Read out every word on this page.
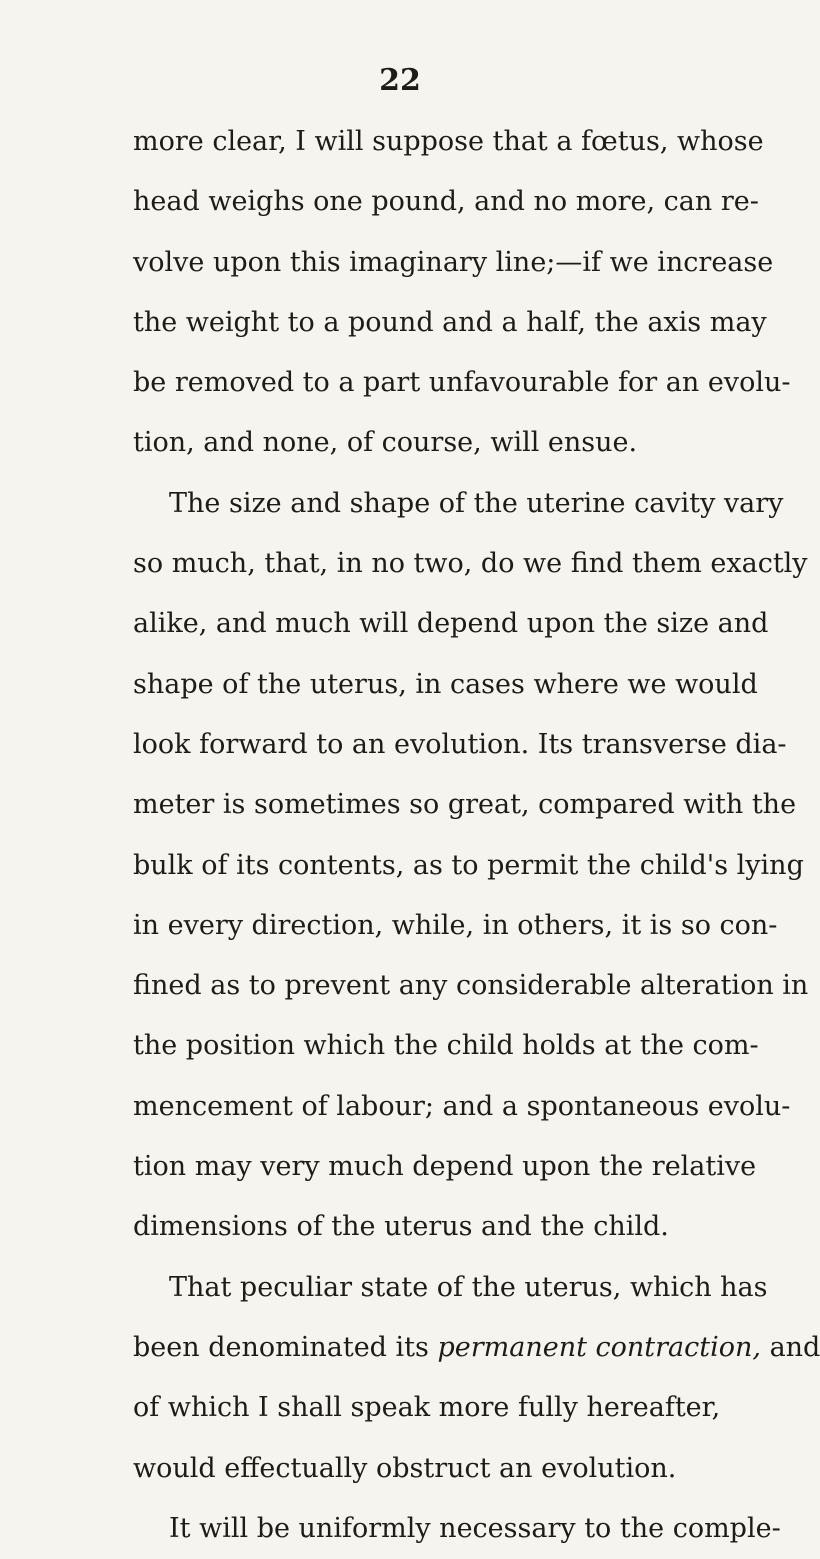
22
more clear, I will suppose that a fœtus, whose
head weighs one pound, and no more, can re-
volve upon this imaginary line;—if we increase
the weight to a pound and a half, the axis may
be removed to a part unfavourable for an evolu-
tion, and none, of course, will ensue.
The size and shape of the uterine cavity vary
so much, that, in no two, do we find them exactly
alike, and much will depend upon the size and
shape of the uterus, in cases where we would
look forward to an evolution. Its transverse dia-
meter is sometimes so great, compared with the
bulk of its contents, as to permit the child's lying
in every direction, while, in others, it is so con-
fined as to prevent any considerable alteration in
the position which the child holds at the com-
mencement of labour; and a spontaneous evolu-
tion may very much depend upon the relative
dimensions of the uterus and the child.
That peculiar state of the uterus, which has
been denominated its permanent contraction, and
of which I shall speak more fully hereafter,
would effectually obstruct an evolution.
It will be uniformly necessary to the comple-
